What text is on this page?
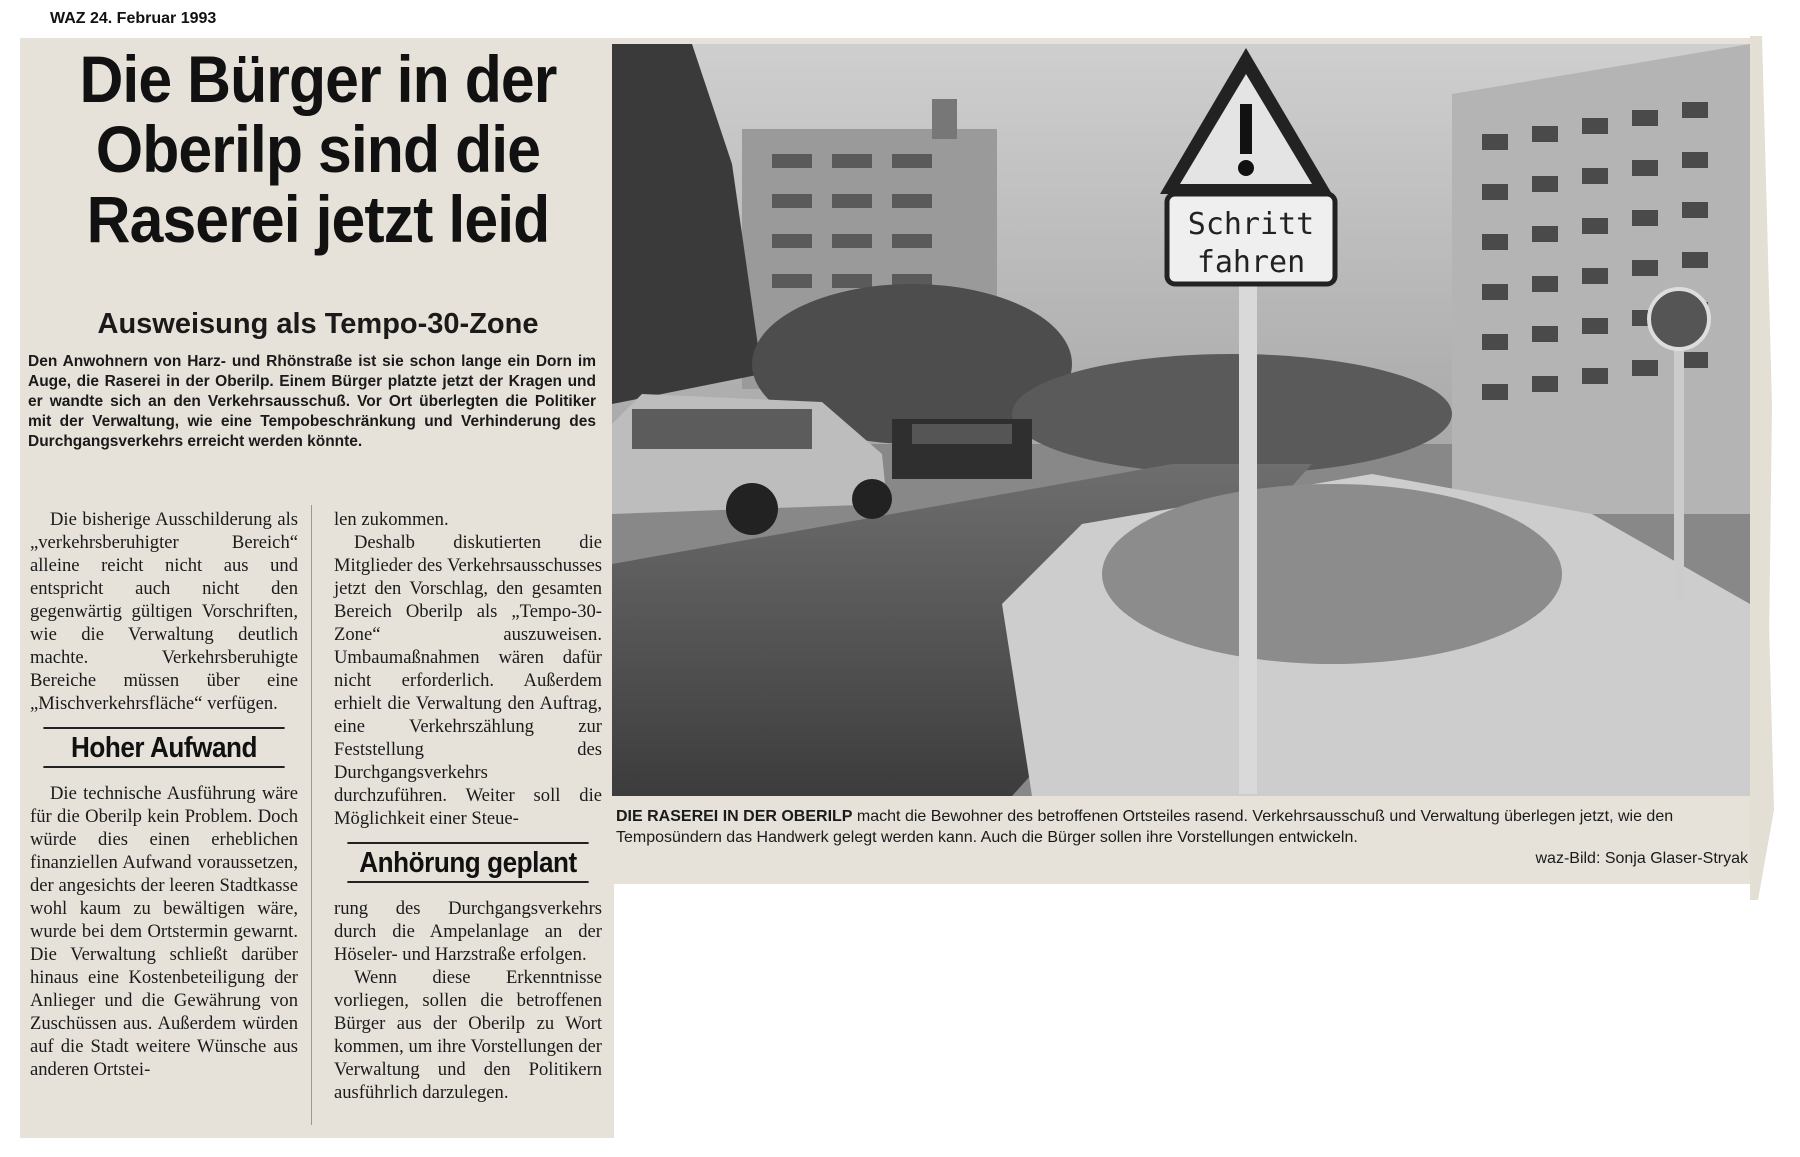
WAZ 24. Februar 1993
Die Bürger in der Oberilp sind die Raserei jetzt leid
Ausweisung als Tempo-30-Zone
Den Anwohnern von Harz- und Rhönstraße ist sie schon lange ein Dorn im Auge, die Raserei in der Oberilp. Einem Bürger platzte jetzt der Kragen und er wandte sich an den Verkehrsausschuß. Vor Ort überlegten die Politiker mit der Verwaltung, wie eine Tempobeschränkung und Verhinderung des Durchgangsverkehrs erreicht werden könnte.

Die bisherige Ausschilderung als „verkehrsberuhigter Bereich“ alleine reicht nicht aus und entspricht auch nicht den gegenwärtig gültigen Vorschriften, wie die Verwaltung deutlich machte. Verkehrsberuhigte Bereiche müssen über eine „Mischverkehrsfläche“ verfügen.

Hoher Aufwand

Die technische Ausführung wäre für die Oberilp kein Problem. Doch würde dies einen erheblichen finanziellen Aufwand voraussetzen, der angesichts der leeren Stadtkasse wohl kaum zu bewältigen wäre, wurde bei dem Ortstermin gewarnt. Die Verwaltung schließt darüber hinaus eine Kostenbeteiligung der Anlieger und die Gewährung von Zuschüssen aus. Außerdem würden auf die Stadt weitere Wünsche aus anderen Ortstei-

len zukommen.

Deshalb diskutierten die Mitglieder des Verkehrsausschusses jetzt den Vorschlag, den gesamten Bereich Oberilp als „Tempo-30-Zone“ auszuweisen. Umbaumaßnahmen wären dafür nicht erforderlich. Außerdem erhielt die Verwaltung den Auftrag, eine Verkehrszählung zur Feststellung des Durchgangsverkehrs durchzuführen. Weiter soll die Möglichkeit einer Steue-

Anhörung geplant

rung des Durchgangsverkehrs durch die Ampelanlage an der Höseler- und Harzstraße erfolgen.

Wenn diese Erkenntnisse vorliegen, sollen die betroffenen Bürger aus der Oberilp zu Wort kommen, um ihre Vorstellungen der Verwaltung und den Politikern ausführlich darzulegen.

Schritt
fahren
DIE RASEREI IN DER OBERILP macht die Bewohner des betroffenen Ortsteiles rasend. Verkehrsausschuß und Verwaltung überlegen jetzt, wie den Temposündern das Handwerk gelegt werden kann. Auch die Bürger sollen ihre Vorstellungen entwickeln.
waz-Bild: Sonja Glaser-Stryak
